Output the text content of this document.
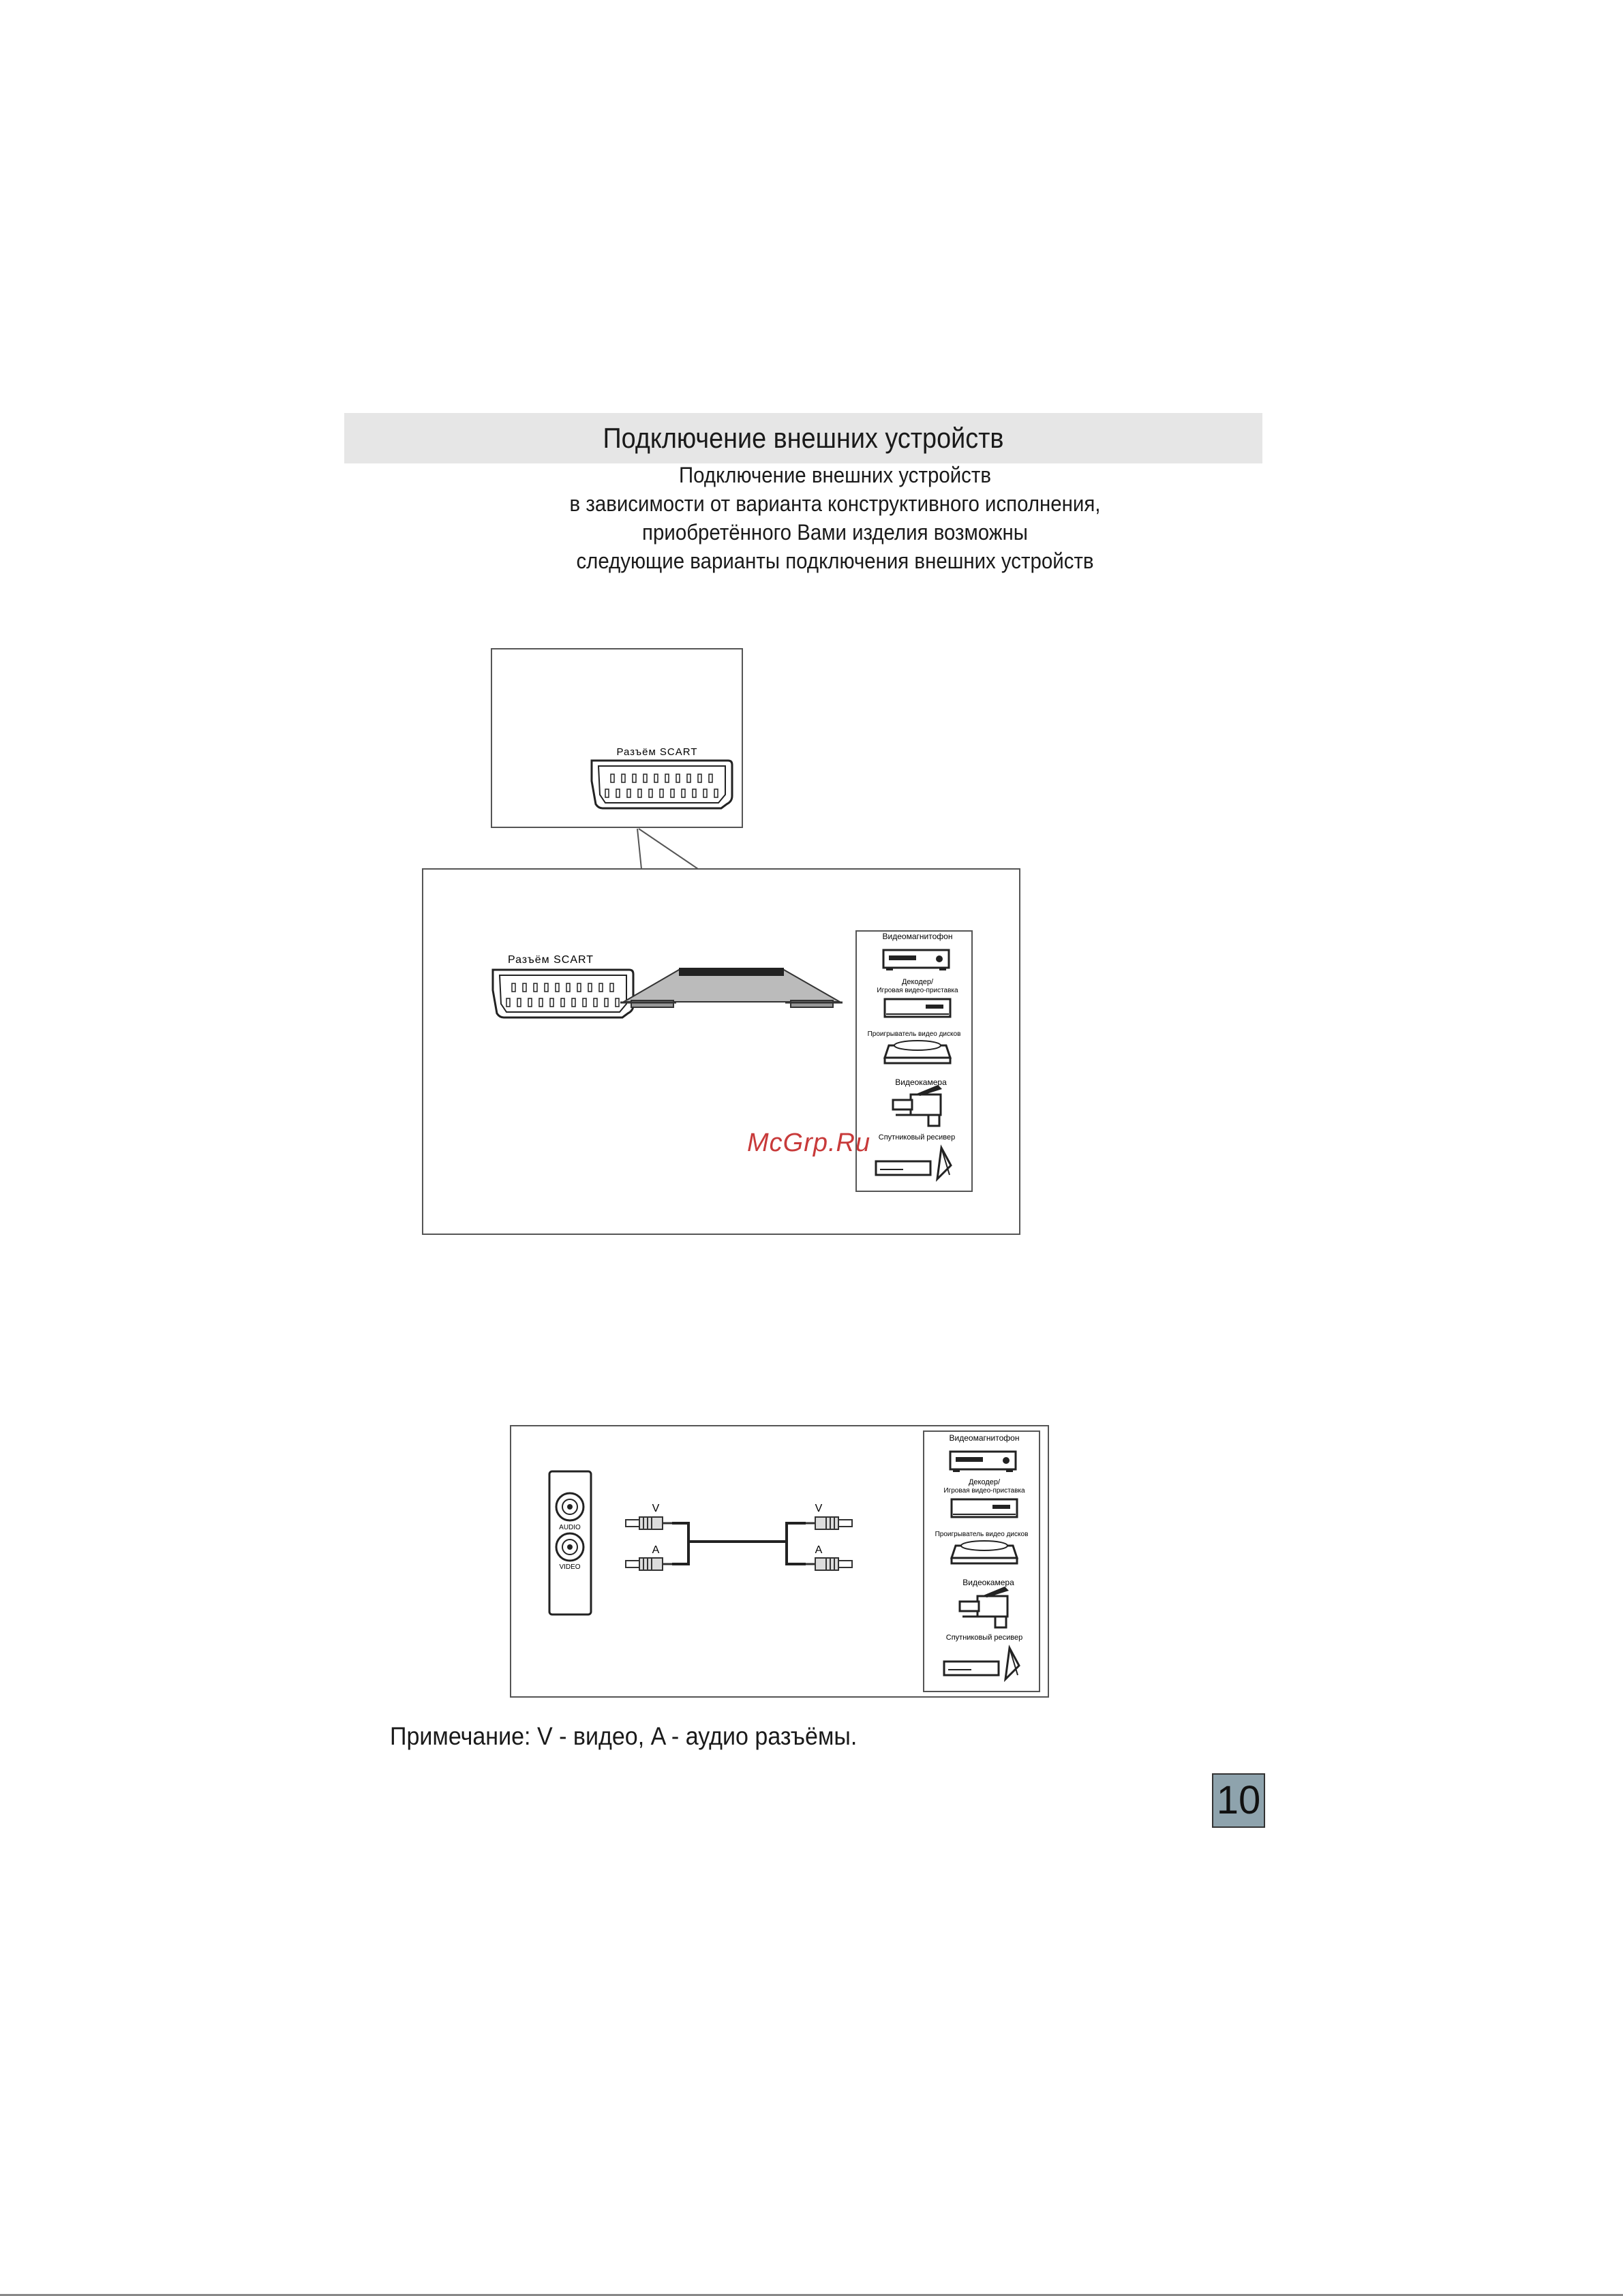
Подключение внешних устройств
Подключение внешних устройств
в зависимости от варианта конструктивного исполнения,
приобретённого Вами изделия возможны
следующие варианты подключения внешних устройств
Разъём SCART
Разъём SCART
Видеомагнитофон
Декодер/
Игровая видео-приставка
Проигрыватель видео дисков
Видеокамера
Спутниковый ресивер
AUDIO
VIDEO
V
A
V
A
Видеомагнитофон
Декодер/
Игровая видео-приставка
Проигрыватель видео дисков
Видеокамера
Спутниковый ресивер
McGrp.Ru
Примечание: V - видео, A - аудио разъёмы.
10
